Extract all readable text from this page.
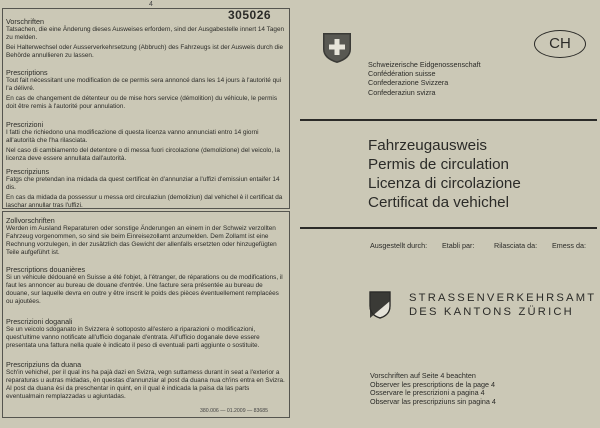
4
305026
Vorschriften

Tatsachen, die eine Änderung dieses Ausweises erfordern, sind der Ausgabestelle innert 14 Tagen zu melden.

Bei Halterwechsel oder Ausserverkehrsetzung (Abbruch) des Fahrzeugs ist der Ausweis durch die Behörde annullieren zu lassen.

Prescriptions

Tout fait nécessitant une modification de ce permis sera annoncé dans les 14 jours à l'autorité qui l'a délivré.

En cas de changement de détenteur ou de mise hors service (démolition) du véhicule, le permis doit être remis à l'autorité pour annulation.

Prescrizioni

I fatti che richiedono una modificazione di questa licenza vanno annunciati entro 14 giorni all'autorità che l'ha rilasciata.

Nel caso di cambiamento del detentore o di messa fuori circolazione (demolizione) del veicolo, la licenza deve essere annullata dall'autorità.

Prescripziuns

Fatgs che pretendan ina midada da quest certificat èn d'annunziar a l'uffizi d'emissiun entaifer 14 dis.

En cas da midada da possessur u messa ord circulaziun (demoliziun) dal vehichel è il certificat da laschar annullar tras l'uffizi.

Zollvorschriften

Werden im Ausland Reparaturen oder sonstige Änderungen an einem in der Schweiz verzollten Fahrzeug vorgenommen, so sind sie beim Einreisezollamt anzumelden. Dem Zollamt ist eine Rechnung vorzulegen, in der zusätzlich das Gewicht der allenfalls ersetzten oder hinzugefügten Teile aufgeführt ist.

Prescriptions douanières

Si un véhicule dédouané en Suisse a été l'objet, à l'étranger, de réparations ou de modifications, il faut les annoncer au bureau de douane d'entrée. Une facture sera présentée au bureau de douane, sur laquelle devra en outre y être inscrit le poids des pièces éventuellement remplacées ou ajoutées.

Prescrizioni doganali

Se un veicolo sdoganato in Svizzera è sottoposto all'estero a riparazioni o modificazioni, quest'ultime vanno notificate all'ufficio doganale d'entrata. All'ufficio doganale deve essere presentata una fattura nella quale è indicato il peso di eventuali parti aggiunte o sostituite.

Prescripziuns da duana

Sch'in vehichel, per il qual ins ha pajà dazi en Svizra, vegn suttamess durant in seat a l'exterior a reparaturas u autras midadas, èn questas d'annunziar al post da duana nua ch'ins entra en Svizra. Al post da duana èsi da preschentar in quint, en il qual è indicada la paisa da las parts eventualmain remplazzadas u agiuntadas.

380.006 — 01.2009 — 83685
CH
Schweizerische Eidgenossenschaft
Confédération suisse
Confederazione Svizzera
Confederaziun svizra
Fahrzeugausweis
Permis de circulation
Licenza di circolazione
Certificat da vehichel
Ausgestellt durch: Etabli par:	Rilasciata da: Emess da:
STRASSENVERKEHRSAMT
DES KANTONS ZÜRICH
Vorschriften auf Seite 4 beachten
Observer les prescriptions de la page 4
Osservare le prescrizioni a pagina 4
Observar las prescripziuns sin pagina 4
